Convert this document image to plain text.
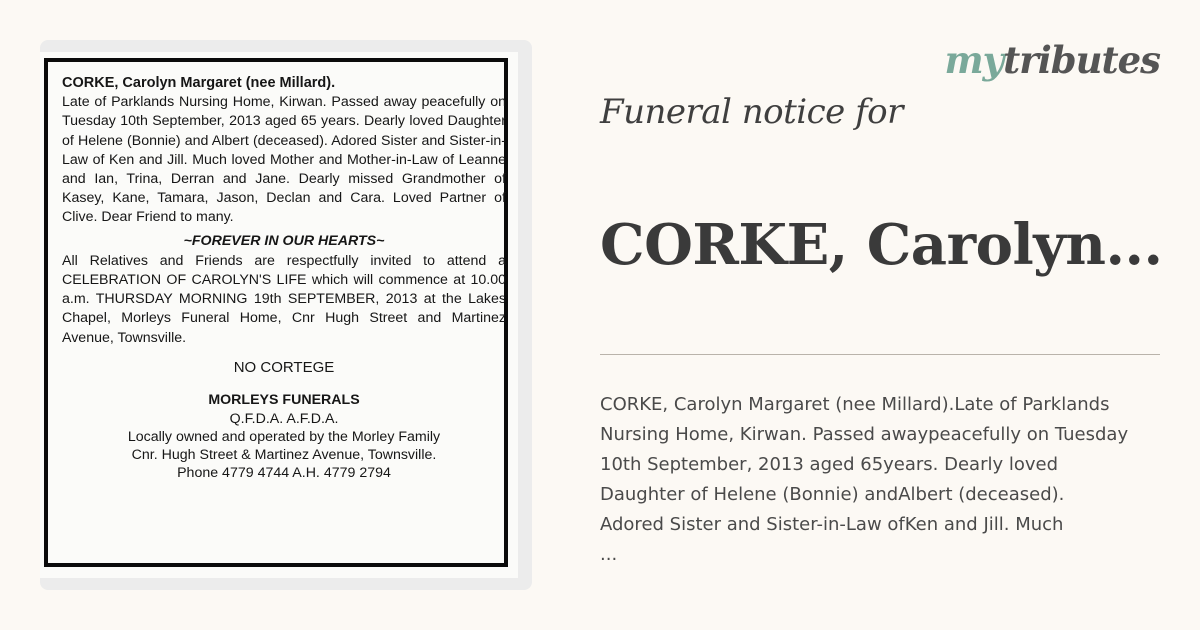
CORKE, Carolyn Margaret (nee Millard).

Late of Parklands Nursing Home, Kirwan. Passed away peacefully on Tuesday 10th September, 2013 aged 65 years. Dearly loved Daughter of Helene (Bonnie) and Albert (deceased). Adored Sister and Sister-in-Law of Ken and Jill. Much loved Mother and Mother-in-Law of Leanne and Ian, Trina, Derran and Jane. Dearly missed Grandmother of Kasey, Kane, Tamara, Jason, Declan and Cara. Loved Partner of Clive. Dear Friend to many.

~FOREVER IN OUR HEARTS~

All Relatives and Friends are respectfully invited to attend a CELEBRATION OF CAROLYN'S LIFE which will commence at 10.00 a.m. THURSDAY MORNING 19th SEPTEMBER, 2013 at the Lakes Chapel, Morleys Funeral Home, Cnr Hugh Street and Martinez Avenue, Townsville.

NO CORTEGE

MORLEYS FUNERALS

Q.F.D.A. A.F.D.A.

Locally owned and operated by the Morley Family

Cnr. Hugh Street & Martinez Avenue, Townsville.

Phone 4779 4744 A.H. 4779 2794

mytributes
Funeral notice for
CORKE, Carolyn...

CORKE, Carolyn Margaret (nee Millard).Late of Parklands

Nursing Home, Kirwan. Passed awaypeacefully on Tuesday

10th September, 2013 aged 65years. Dearly loved

Daughter of Helene (Bonnie) andAlbert (deceased).

Adored Sister and Sister-in-Law ofKen and Jill. Much

...
